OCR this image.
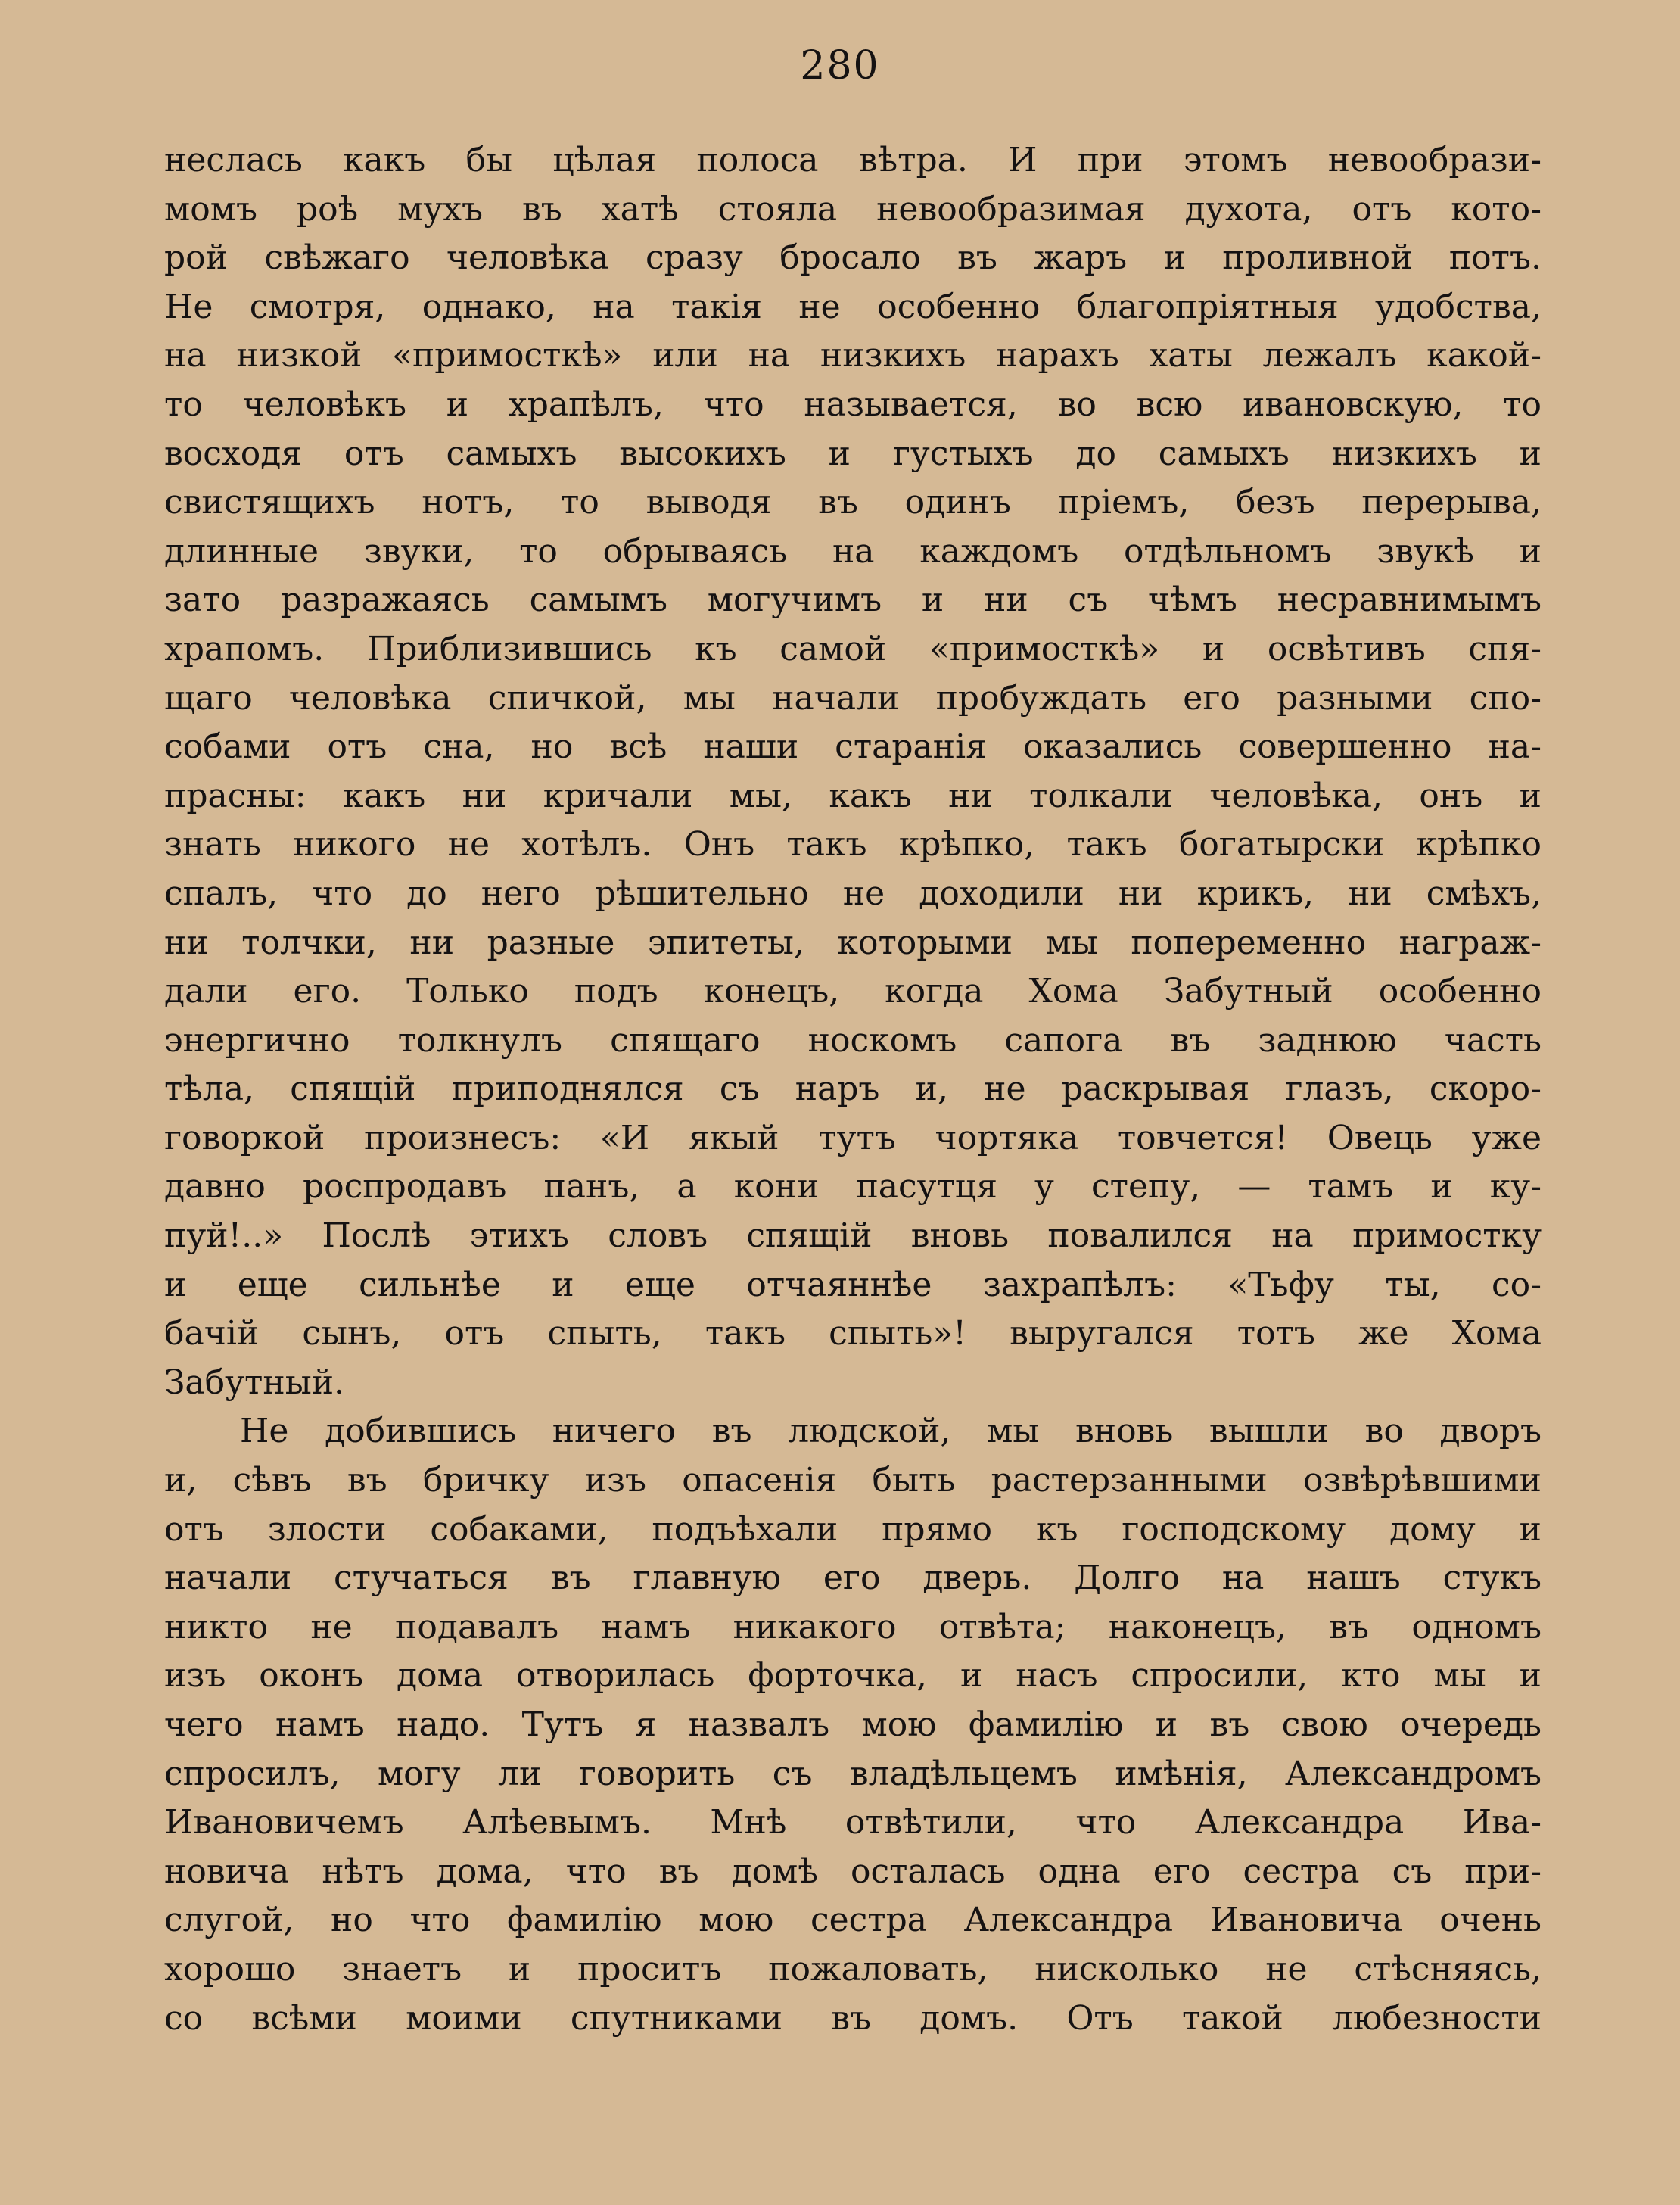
280
неслась какъ бы цѣлая полоса вѣтра. И при этомъ невообрази-
момъ роѣ мухъ въ хатѣ стояла невообразимая духота, отъ кото-
рой свѣжаго человѣка сразу бросало въ жаръ и проливной потъ.
Не смотря, однако, на такія не особенно благопріятныя удобства,
на низкой «примосткѣ» или на низкихъ нарахъ хаты лежалъ какой-
то человѣкъ и храпѣлъ, что называется, во всю ивановскую, то
восходя отъ самыхъ высокихъ и густыхъ до самыхъ низкихъ и
свистящихъ нотъ, то выводя въ одинъ пріемъ, безъ перерыва,
длинные звуки, то обрываясь на каждомъ отдѣльномъ звукѣ и
зато разражаясь самымъ могучимъ и ни съ чѣмъ несравнимымъ
храпомъ. Приблизившись къ самой «примосткѣ» и освѣтивъ спя-
щаго человѣка спичкой, мы начали пробуждать его разными спо-
собами отъ сна, но всѣ наши старанія оказались совершенно на-
прасны: какъ ни кричали мы, какъ ни толкали человѣка, онъ и
знать никого не хотѣлъ. Онъ такъ крѣпко, такъ богатырски крѣпко
спалъ, что до него рѣшительно не доходили ни крикъ, ни смѣхъ,
ни толчки, ни разные эпитеты, которыми мы попеременно награж-
дали его. Только подъ конецъ, когда Хома Забутный особенно
энергично толкнулъ спящаго носкомъ сапога въ заднюю часть
тѣла, спящій приподнялся съ наръ и, не раскрывая глазъ, скоро-
говоркой произнесъ: «И якый тутъ чортяка товчется! Овець уже
давно роспродавъ панъ, а кони пасутця у степу, — тамъ и ку-
пуй!..» Послѣ этихъ словъ спящій вновь повалился на примостку
и еще сильнѣе и еще отчаяннѣе захрапѣлъ: «Тьфу ты, со-
бачій сынъ, отъ спыть, такъ спыть»! выругался тотъ же Хома
Забутный.
Не добившись ничего въ людской, мы вновь вышли во дворъ
и, сѣвъ въ бричку изъ опасенія быть растерзанными озвѣрѣвшими
отъ злости собаками, подъѣхали прямо къ господскому дому и
начали стучаться въ главную его дверь. Долго на нашъ стукъ
никто не подавалъ намъ никакого отвѣта; наконецъ, въ одномъ
изъ оконъ дома отворилась форточка, и насъ спросили, кто мы и
чего намъ надо. Тутъ я назвалъ мою фамилію и въ свою очередь
спросилъ, могу ли говорить съ владѣльцемъ имѣнія, Александромъ
Ивановичемъ Алѣевымъ. Мнѣ отвѣтили, что Александра Ива-
новича нѣтъ дома, что въ домѣ осталась одна его сестра съ при-
слугой, но что фамилію мою сестра Александра Ивановича очень
хорошо знаетъ и проситъ пожаловать, нисколько не стѣсняясь,
со всѣми моими спутниками въ домъ. Отъ такой любезности
